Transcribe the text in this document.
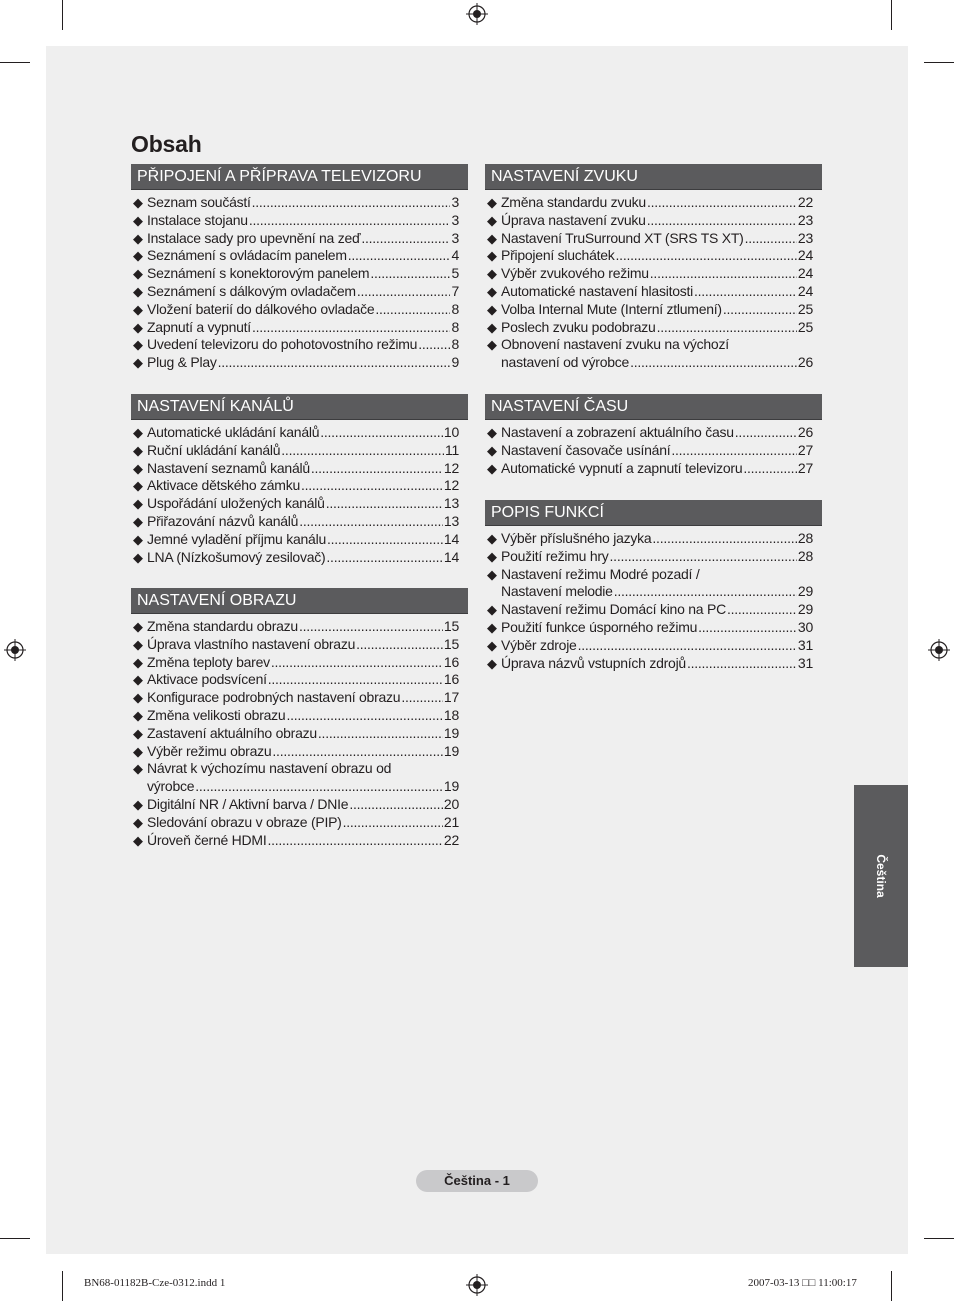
Obsah
PŘIPOJENÍ A PŘÍPRAVA TELEVIZORU
◆ Seznam součástí .....	3
◆ Instalace stojanu .....	3
◆ Instalace sady pro upevnění na zeď .....	3
◆ Seznámení s ovládacím panelem .....	4
◆ Seznámení s konektorovým panelem .....	5
◆ Seznámení s dálkovým ovladačem .....	7
◆ Vložení baterií do dálkového ovladače .....	8
◆ Zapnutí a vypnutí .....	8
◆ Uvedení televizoru do pohotovostního režimu ..... 8
◆ Plug & Play .....	9
NASTAVENÍ KANÁLŮ
◆ Automatické ukládání kanálů .....	10
◆ Ruční ukládání kanálů .....	11
◆ Nastavení seznamů kanálů .....	12
◆ Aktivace dětského zámku .....	12
◆ Uspořádání uložených kanálů .....	13
◆ Přiřazování názvů kanálů .....	13
◆ Jemné vyladění příjmu kanálu .....	14
◆ LNA (Nízkošumový zesilovač) .....	14
NASTAVENÍ OBRAZU
◆ Změna standardu obrazu .....	15
◆ Úprava vlastního nastavení obrazu .....	15
◆ Změna teploty barev .....	16
◆ Aktivace podsvícení .....	16
◆ Konfigurace podrobných nastavení obrazu .....	17
◆ Změna velikosti obrazu .....	18
◆ Zastavení aktuálního obrazu .....	19
◆ Výběr režimu obrazu .....	19
◆ Návrat k výchozímu nastavení obrazu od
výrobce .....	19
◆ Digitální NR / Aktivní barva / DNIe .....	20
◆ Sledování obrazu v obraze (PIP) .....	21
◆ Úroveň černé HDMI .....	22
NASTAVENÍ ZVUKU
◆ Změna standardu zvuku .....	22
◆ Úprava nastavení zvuku .....	23
◆ Nastavení TruSurround XT (SRS TS XT) .....	23
◆ Připojení sluchátek .....	24
◆ Výběr zvukového režimu .....	24
◆ Automatické nastavení hlasitosti .....	24
◆ Volba Internal Mute (Interní ztlumení) .....	25
◆ Poslech zvuku podobrazu .....	25
◆ Obnovení nastavení zvuku na výchozí
nastavení od výrobce .....	26
NASTAVENÍ ČASU
◆ Nastavení a zobrazení aktuálního času .....	26
◆ Nastavení časovače usínání .....	27
◆ Automatické vypnutí a zapnutí televizoru .....	27
POPIS FUNKCÍ
◆ Výběr příslušného jazyka .....	28
◆ Použití režimu hry .....	28
◆ Nastavení režimu Modré pozadí /
Nastavení melodie .....	29
◆ Nastavení režimu Domácí kino na PC .....	29
◆ Použití funkce úsporného režimu .....	30
◆ Výběr zdroje .....	31
◆ Úprava názvů vstupních zdrojů .....	31
Čeština
Čeština - 1
BN68-01182B-Cze-0312.indd 1	2007-03-13 □□ 11:00:17
